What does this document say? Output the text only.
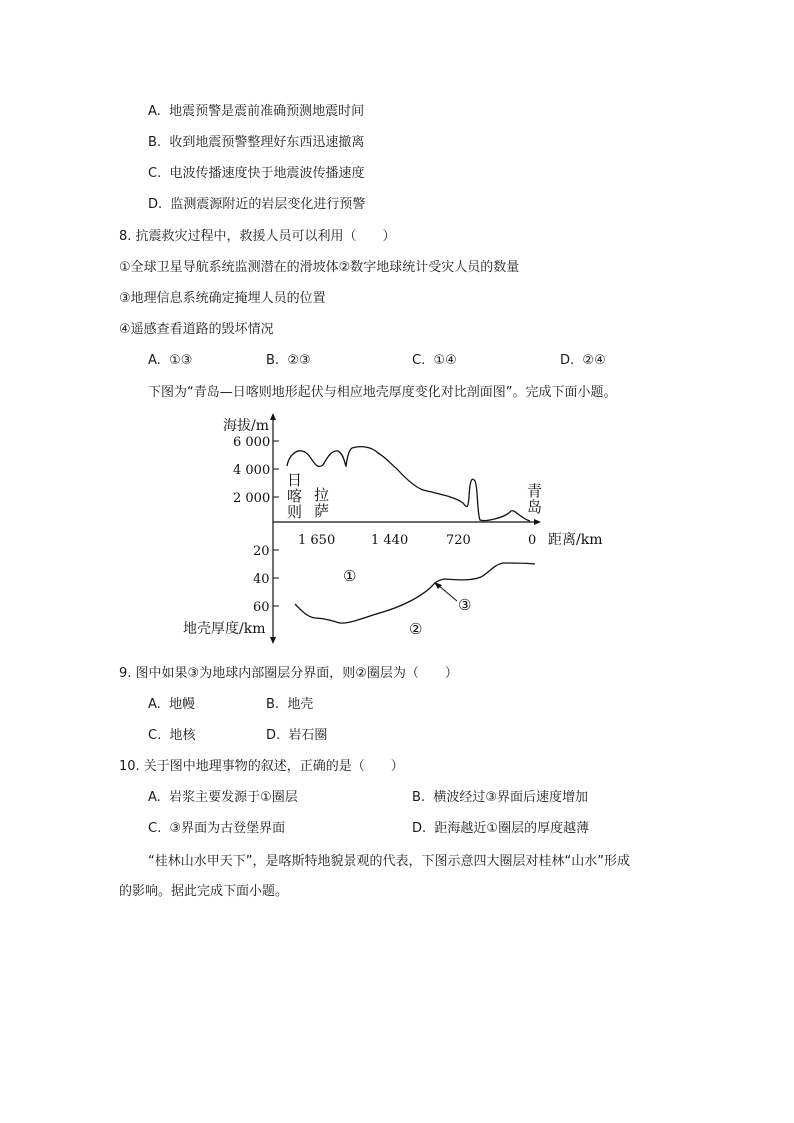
A. 地震预警是震前准确预测地震时间
B. 收到地震预警整理好东西迅速撤离
C. 电波传播速度快于地震波传播速度
D. 监测震源附近的岩层变化进行预警
8. 抗震救灾过程中，救援人员可以利用（　　）
①全球卫星导航系统监测潜在的滑坡体②数字地球统计受灾人员的数量
③地理信息系统确定掩埋人员的位置
④遥感查看道路的毁坏情况
A. ①③	B. ②③	C. ①④	D. ②④
下图为“青岛—日喀则地形起伏与相应地壳厚度变化对比剖面图”。完成下面小题。
海拔/m
6 000
4 000
2 000
1 650	1 440	720	0 距离/km
20
40
60
地壳厚度/km
日
喀
则
拉
萨
青
岛
①
②
③
9. 图中如果③为地球内部圈层分界面，则②圈层为（　　）
A. 地幔	B. 地壳
C. 地核	D. 岩石圈
10. 关于图中地理事物的叙述，正确的是（　　）
A. 岩浆主要发源于①圈层	B. 横波经过③界面后速度增加
C. ③界面为古登堡界面	D. 距海越近①圈层的厚度越薄
“桂林山水甲天下”，是喀斯特地貌景观的代表，下图示意四大圈层对桂林“山水”形成
的影响。据此完成下面小题。
